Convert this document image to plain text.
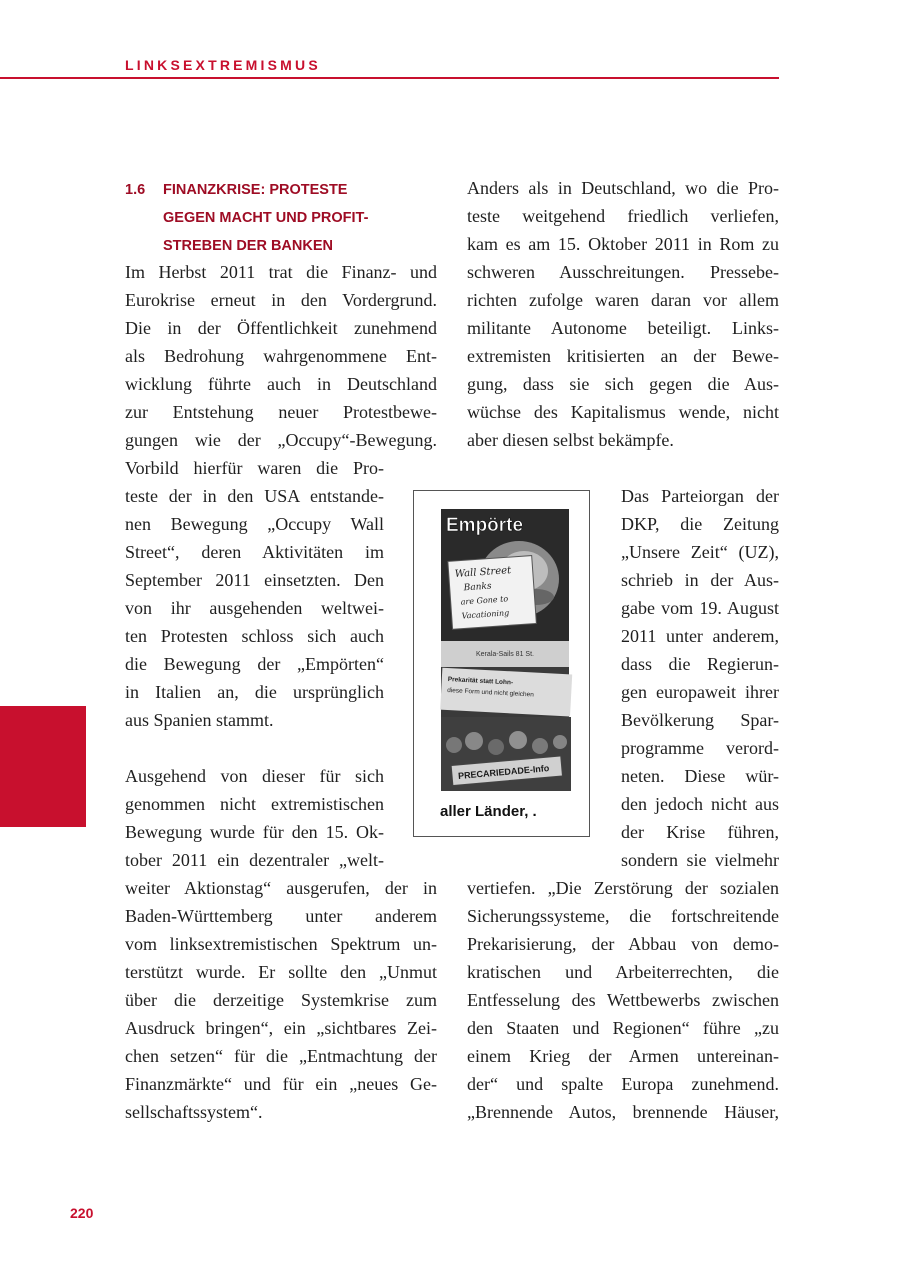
LINKSEXTREMISMUS
1.6 FINANZKRISE: PROTESTE
GEGEN MACHT UND PROFIT-
STREBEN DER BANKEN
Im Herbst 2011 trat die Finanz- und
Eurokrise erneut in den Vordergrund.
Die in der Öffentlichkeit zunehmend
als Bedrohung wahrgenommene Ent-
wicklung führte auch in Deutschland
zur Entstehung neuer Protestbewe-
gungen wie der „Occupy“-Bewegung.
Vorbild hierfür waren die Pro-
teste der in den USA entstande-
nen Bewegung „Occupy Wall
Street“, deren Aktivitäten im
September 2011 einsetzten. Den
von ihr ausgehenden weltwei-
ten Protesten schloss sich auch
die Bewegung der „Empörten“
in Italien an, die ursprünglich
aus Spanien stammt.
Ausgehend von dieser für sich
genommen nicht extremistischen
Bewegung wurde für den 15. Ok-
tober 2011 ein dezentraler „welt-
weiter Aktionstag“ ausgerufen, der in
Baden-Württemberg unter anderem
vom linksextremistischen Spektrum un-
terstützt wurde. Er sollte den „Unmut
über die derzeitige Systemkrise zum
Ausdruck bringen“, ein „sichtbares Zei-
chen setzen“ für die „Entmachtung der
Finanzmärkte“ und für ein „neues Ge-
sellschaftssystem“.
Anders als in Deutschland, wo die Pro-
teste weitgehend friedlich verliefen,
kam es am 15. Oktober 2011 in Rom zu
schweren Ausschreitungen. Pressebe-
richten zufolge waren daran vor allem
militante Autonome beteiligt. Links-
extremisten kritisierten an der Bewe-
gung, dass sie sich gegen die Aus-
wüchse des Kapitalismus wende, nicht
aber diesen selbst bekämpfe.
Das Parteiorgan der
DKP, die Zeitung
„Unsere Zeit“ (UZ),
schrieb in der Aus-
gabe vom 19. August
2011 unter anderem,
dass die Regierun-
gen europaweit ihrer
Bevölkerung Spar-
programme verord-
neten. Diese wür-
den jedoch nicht aus
der Krise führen,
sondern sie vielmehr
vertiefen. „Die Zerstörung der sozialen
Sicherungssysteme, die fortschreitende
Prekarisierung, der Abbau von demo-
kratischen und Arbeiterrechten, die
Entfesselung des Wettbewerbs zwischen
den Staaten und Regionen“ führe „zu
einem Krieg der Armen untereinan-
der“ und spalte Europa zunehmend.
„Brennende Autos, brennende Häuser,
Wall Street
Banks
are Gone to
Vacationing
Kerala-Sails 81 St.
Prekarität statt Lohn-
diese Form und nicht gleichen
PRECARIEDADE-Info
Empörte
aller Länder, .
220
